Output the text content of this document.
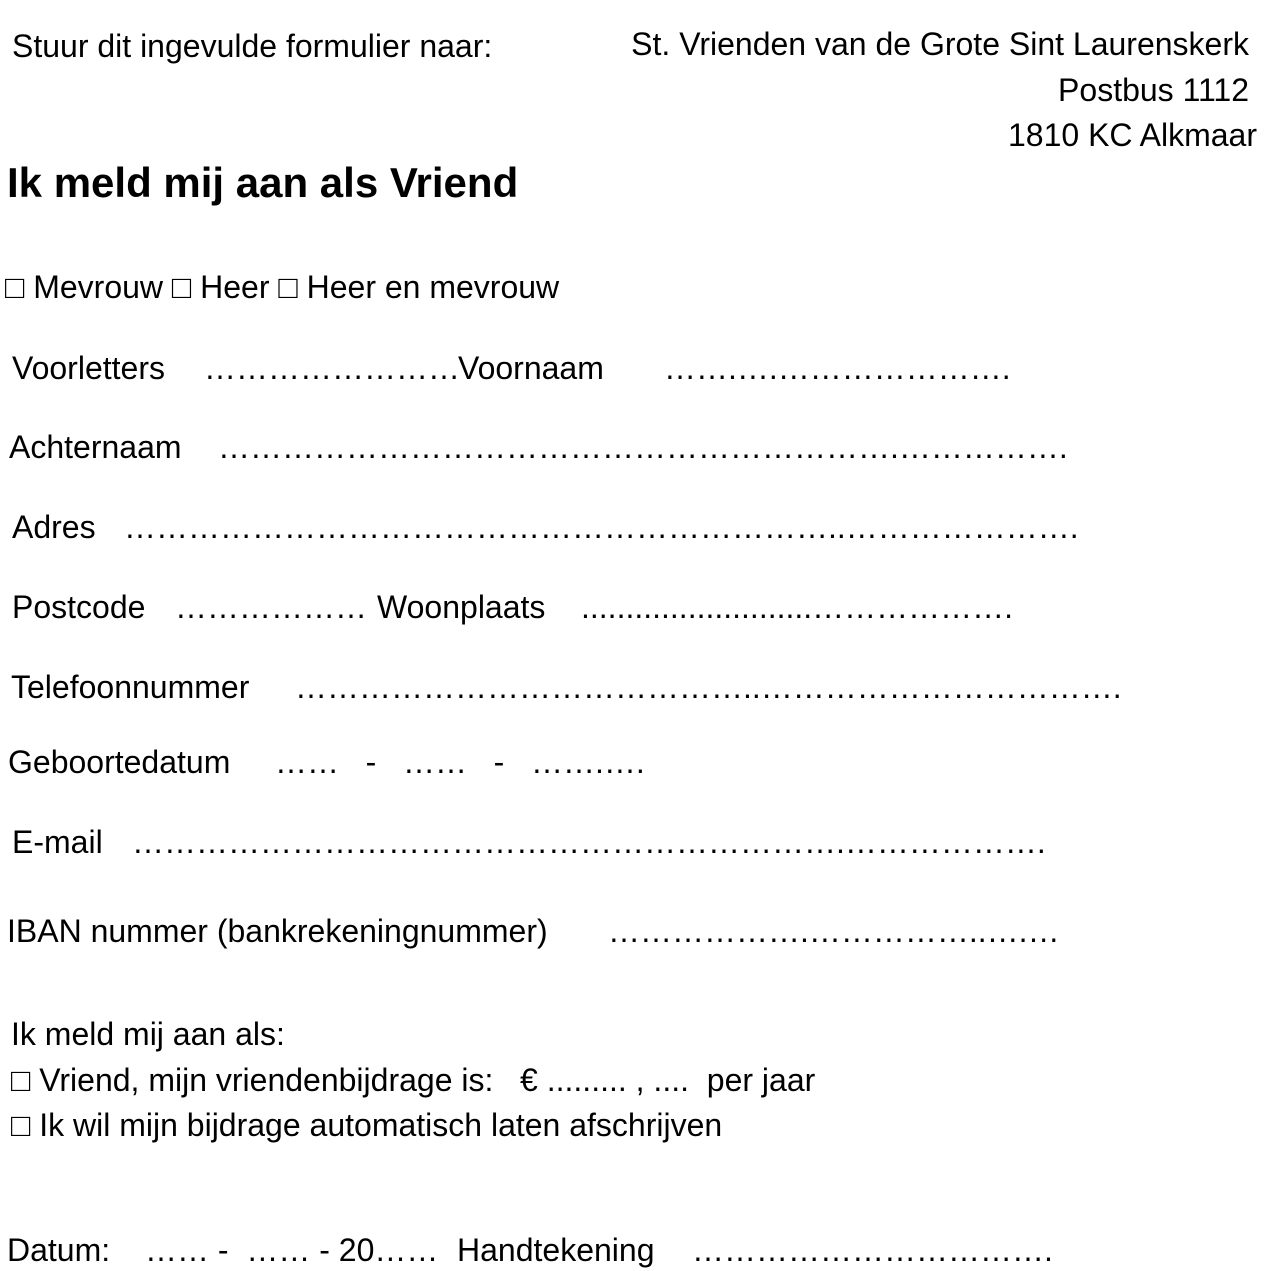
Stuur dit ingevulde formulier naar:	St. Vrienden van de Grote Sint Laurenskerk
Postbus 1112
1810 KC Alkmaar
Ik meld mij aan als Vriend
□ Mevrouw □ Heer □ Heer en mevrouw
Voorletters ……………………
Voornaam …….….………………….
Achternaam ……………………………………………………….…………….
Adres …………………………………………………………..………………….
Postcode ……………… Woonplaats ..........................……………….
Telefoonnummer ……………………………………..…………………………….
Geboortedatum ……   -   ……   -   …….….
E-mail ………………………………………………………….……………….
IBAN nummer (bankrekeningnummer) ……………….……………..….…
Ik meld mij aan als:
□ Vriend, mijn vriendenbijdrage is:   € ......... , ....  per jaar
□ Ik wil mijn bijdrage automatisch laten afschrijven
Datum: …… -  …… - 20…… Handtekening …………………………….
